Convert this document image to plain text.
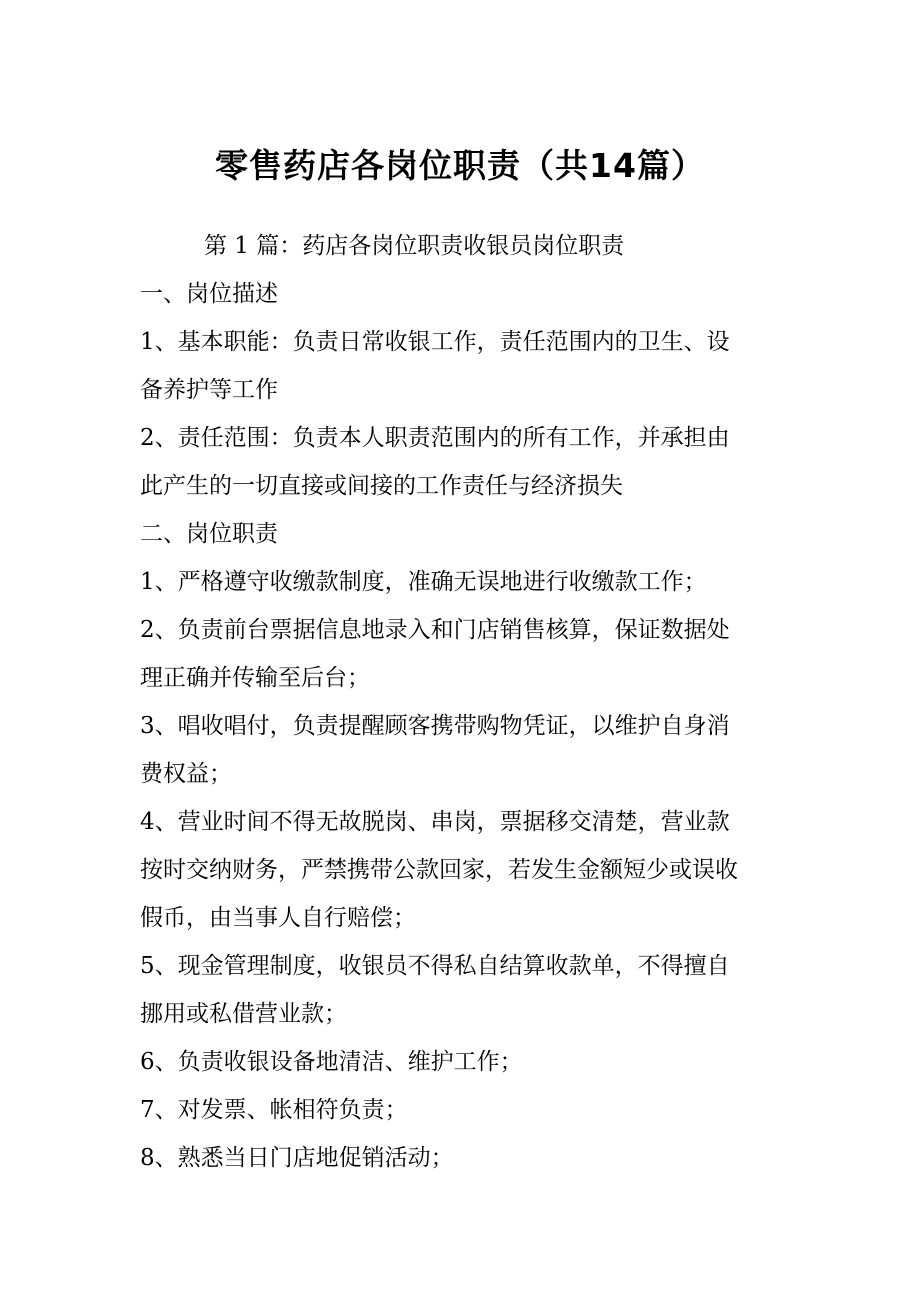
零售药店各岗位职责（共14篇）
第 1 篇：药店各岗位职责收银员岗位职责
一、岗位描述
1、基本职能：负责日常收银工作，责任范围内的卫生、设
备养护等工作
2、责任范围：负责本人职责范围内的所有工作，并承担由
此产生的一切直接或间接的工作责任与经济损失
二、岗位职责
1、严格遵守收缴款制度，准确无误地进行收缴款工作；
2、负责前台票据信息地录入和门店销售核算，保证数据处
理正确并传输至后台；
3、唱收唱付，负责提醒顾客携带购物凭证，以维护自身消
费权益；
4、营业时间不得无故脱岗、串岗，票据移交清楚，营业款
按时交纳财务，严禁携带公款回家，若发生金额短少或误收
假币，由当事人自行赔偿；
5、现金管理制度，收银员不得私自结算收款单，不得擅自
挪用或私借营业款；
6、负责收银设备地清洁、维护工作；
7、对发票、帐相符负责；
8、熟悉当日门店地促销活动；
